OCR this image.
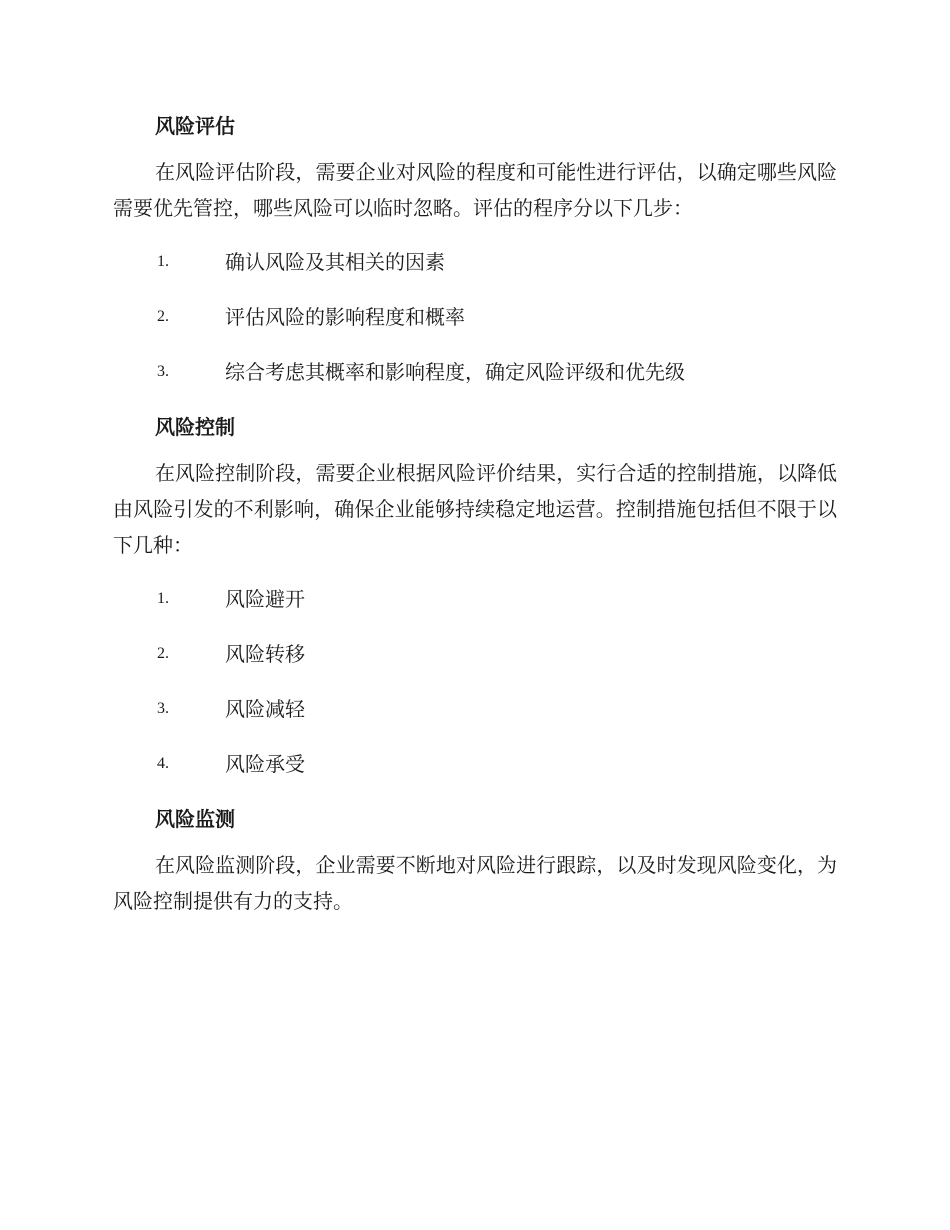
风险评估

在风险评估阶段，需要企业对风险的程度和可能性进行评估，以确定哪些风险需要优先管控，哪些风险可以临时忽略。评估的程序分以下几步：

1.	确认风险及其相关的因素
2.	评估风险的影响程度和概率
3.	综合考虑其概率和影响程度，确定风险评级和优先级
风险控制

在风险控制阶段，需要企业根据风险评价结果，实行合适的控制措施，以降低由风险引发的不利影响，确保企业能够持续稳定地运营。控制措施包括但不限于以下几种：

1.	风险避开
2.	风险转移
3.	风险减轻
4.	风险承受
风险监测

在风险监测阶段，企业需要不断地对风险进行跟踪，以及时发现风险变化，为风险控制提供有力的支持。
